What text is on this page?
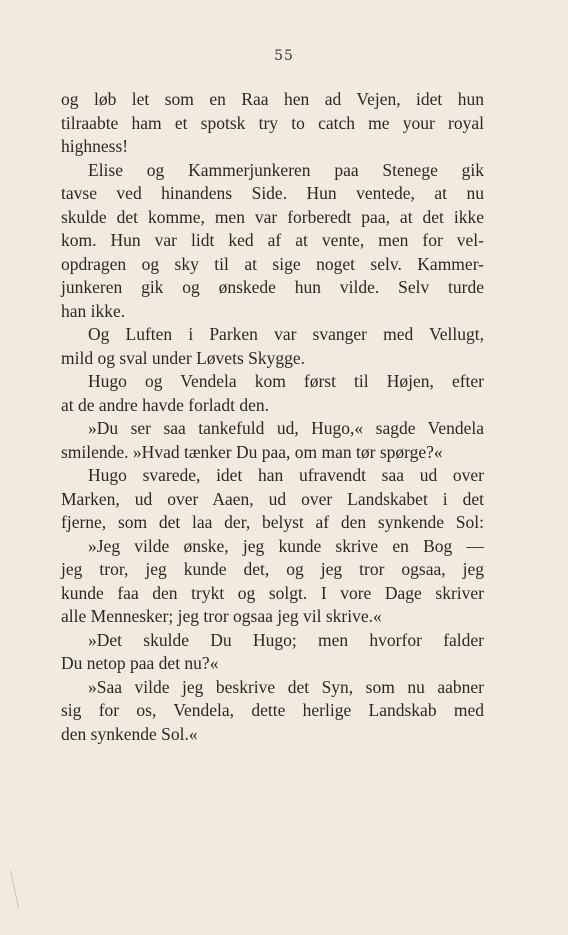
55
og løb let som en Raa hen ad Vejen, idet hun
tilraabte ham et spotsk try to catch me your royal
highness!
Elise og Kammerjunkeren paa Stenege gik
tavse ved hinandens Side. Hun ventede, at nu
skulde det komme, men var forberedt paa, at det ikke
kom. Hun var lidt ked af at vente, men for vel-
opdragen og sky til at sige noget selv. Kammer-
junkeren gik og ønskede hun vilde. Selv turde
han ikke.
Og Luften i Parken var svanger med Vellugt,
mild og sval under Løvets Skygge.
Hugo og Vendela kom først til Højen, efter
at de andre havde forladt den.
»Du ser saa tankefuld ud, Hugo,« sagde Vendela
smilende. »Hvad tænker Du paa, om man tør spørge?«
Hugo svarede, idet han ufravendt saa ud over
Marken, ud over Aaen, ud over Landskabet i det
fjerne, som det laa der, belyst af den synkende Sol:
»Jeg vilde ønske, jeg kunde skrive en Bog —
jeg tror, jeg kunde det, og jeg tror ogsaa, jeg
kunde faa den trykt og solgt. I vore Dage skriver
alle Mennesker; jeg tror ogsaa jeg vil skrive.«
»Det skulde Du Hugo; men hvorfor falder
Du netop paa det nu?«
»Saa vilde jeg beskrive det Syn, som nu aabner
sig for os, Vendela, dette herlige Landskab med
den synkende Sol.«
